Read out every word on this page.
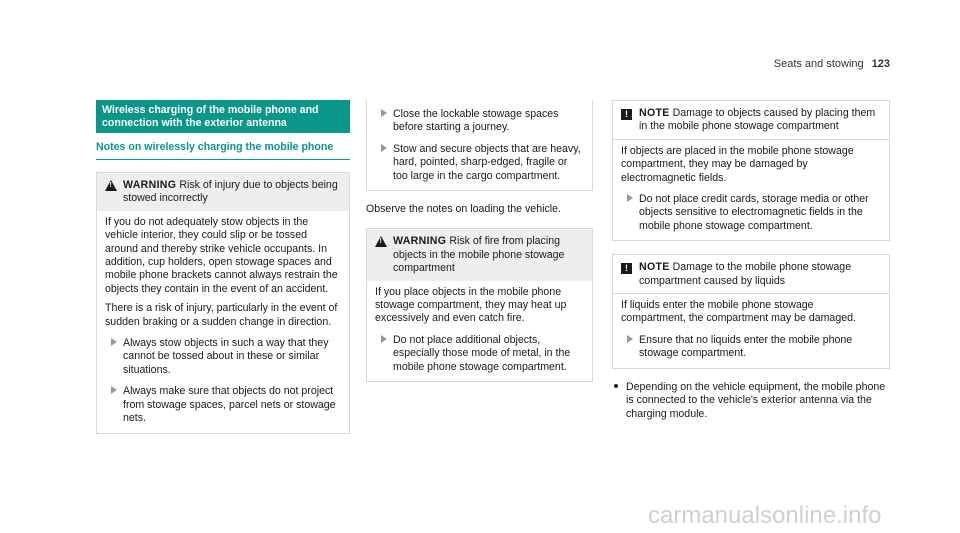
Seats and stowing 123
Wireless charging of the mobile phone and connection with the exterior antenna
Notes on wirelessly charging the mobile phone
!
WARNING Risk of injury due to objects being stowed incorrectly

If you do not adequately stow objects in the vehicle interior, they could slip or be tossed around and thereby strike vehicle occupants. In addition, cup holders, open stowage spaces and mobile phone brackets cannot always restrain the objects they contain in the event of an accident.

There is a risk of injury, particularly in the event of sudden braking or a sudden change in direction.

Always stow objects in such a way that they cannot be tossed about in these or similar situations.
Always make sure that objects do not project from stowage spaces, parcel nets or stowage nets.
Close the lockable stowage spaces before starting a journey.
Stow and secure objects that are heavy, hard, pointed, sharp-edged, fragile or too large in the cargo compartment.

Observe the notes on loading the vehicle.

!
WARNING Risk of fire from placing objects in the mobile phone stowage compartment

If you place objects in the mobile phone stowage compartment, they may heat up excessively and even catch fire.

Do not place additional objects, especially those mode of metal, in the mobile phone stowage compartment.
!	NOTE Damage to objects caused by placing them in the mobile phone stowage compartment

If objects are placed in the mobile phone stowage compartment, they may be damaged by electromagnetic fields.

Do not place credit cards, storage media or other objects sensitive to electromagnetic fields in the mobile phone stowage compartment.
!	NOTE Damage to the mobile phone stowage compartment caused by liquids

If liquids enter the mobile phone stowage compartment, the compartment may be damaged.

Ensure that no liquids enter the mobile phone stowage compartment.
Depending on the vehicle equipment, the mobile phone is connected to the vehicle's exterior antenna via the charging module.
carmanualsonline.info
